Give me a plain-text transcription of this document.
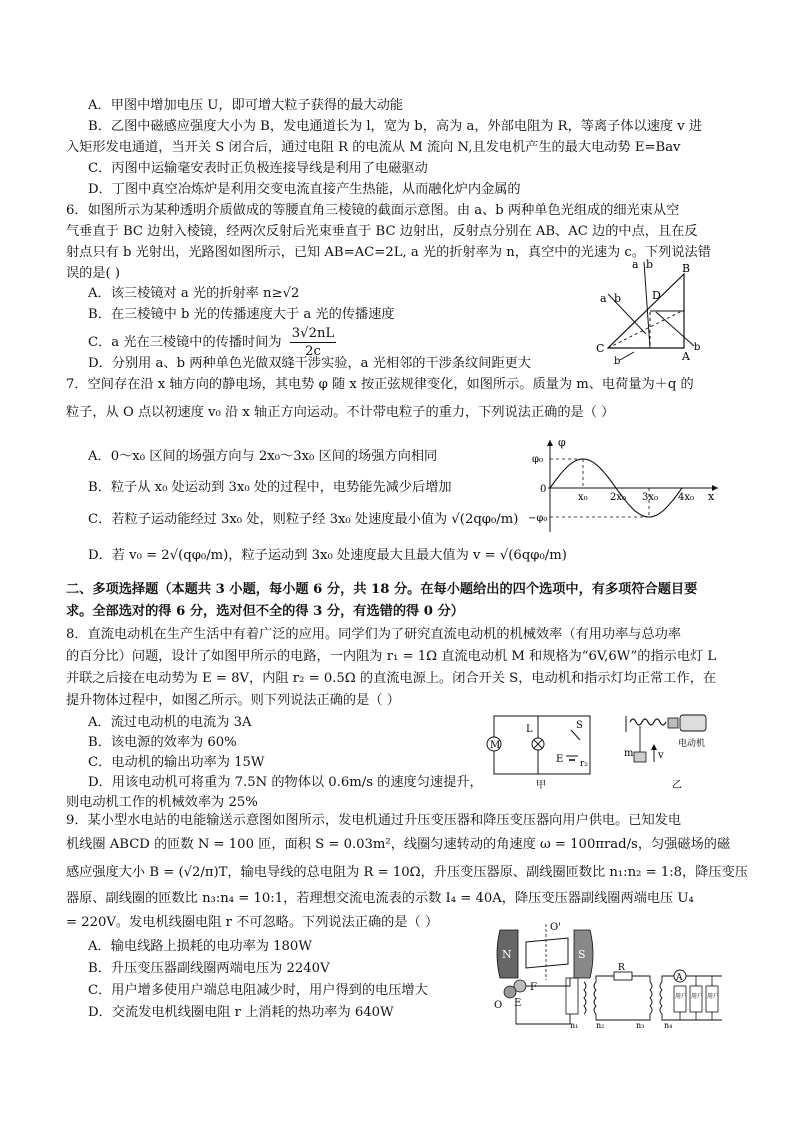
A．甲图中增加电压 U，即可增大粒子获得的最大动能
B．乙图中磁感应强度大小为 B，发电通道长为 l，宽为 b，高为 a，外部电阻为 R，等离子体以速度 v 进
入矩形发电通道，当开关 S 闭合后，通过电阻 R 的电流从 M 流向 N,且发电机产生的最大电动势 E=Bav
C．丙图中运输毫安表时正负极连接导线是利用了电磁驱动
D．丁图中真空冶炼炉是利用交变电流直接产生热能，从而融化炉内金属的
6．如图所示为某种透明介质做成的等腰直角三棱镜的截面示意图。由 a、b 两种单色光组成的细光束从空
气垂直于 BC 边射入棱镜，经两次反射后光束垂直于 BC 边射出，反射点分别在 AB、AC 边的中点，且在反
射点只有 b 光射出，光路图如图所示，已知 AB=AC=2L, a 光的折射率为 n，真空中的光速为 c。下列说法错
误的是( )
A．该三棱镜对 a 光的折射率 n≥√2
B．在三棱镜中 b 光的传播速度大于 a 光的传播速度
C．a 光在三棱镜中的传播时间为 $\frac{3√2nL}{2c}$
D．分别用 a、b 两种单色光做双缝干涉实验，a 光相邻的干涉条纹间距更大
a b	B
a b	D
C
A
b
b
7．空间存在沿 x 轴方向的静电场，其电势 φ 随 x 按正弦规律变化，如图所示。质量为 m、电荷量为＋q 的
粒子，从 O 点以初速度 v₀ 沿 x 轴正方向运动。不计带电粒子的重力，下列说法正确的是（ ）
A．0～x₀ 区间的场强方向与 2x₀～3x₀ 区间的场强方向相同
B．粒子从 x₀ 处运动到 3x₀ 处的过程中，电势能先减少后增加
C．若粒子运动能经过 3x₀ 处，则粒子经 3x₀ 处速度最小值为 √(2qφ₀/m)
D．若 v₀ = 2√(qφ₀/m)，粒子运动到 3x₀ 处速度最大且最大值为 v = √(6qφ₀/m)
φ
φ₀
−φ₀
0
x₀ 2x₀ 3x₀ 4x₀ x
二、多项选择题（本题共 3 小题，每小题 6 分，共 18 分。在每小题给出的四个选项中，有多项符合题目要
求。全部选对的得 6 分，选对但不全的得 3 分，有选错的得 0 分）
8．直流电动机在生产生活中有着广泛的应用。同学们为了研究直流电动机的机械效率（有用功率与总功率
的百分比）问题，设计了如图甲所示的电路，一内阻为 r₁ = 1Ω 直流电动机 M 和规格为“6V,6W”的指示电灯 L
并联之后接在电动势为 E = 8V，内阻 r₂ = 0.5Ω 的直流电源上。闭合开关 S，电动机和指示灯均正常工作，在
提升物体过程中，如图乙所示。则下列说法正确的是（ ）
A．流过电动机的电流为 3A
B．该电源的效率为 60%
C．电动机的输出功率为 15W
D．用该电动机可将重为 7.5N 的物体以 0.6m/s 的速度匀速提升，
则电动机工作的机械效率为 25%
M
L	S
E r₂
甲
m v
电动机
乙
9．某小型水电站的电能输送示意图如图所示，发电机通过升压变压器和降压变压器向用户供电。已知发电
机线圈 ABCD 的匝数 N = 100 匝，面积 S = 0.03m²，线圈匀速转动的角速度 ω = 100πrad/s，匀强磁场的磁
感应强度大小 B = (√2/π)T，输电导线的总电阻为 R = 10Ω，升压变压器原、副线圈匝数比 n₁:n₂ = 1:8，降压变压
器原、副线圈的匝数比 n₃:n₄ = 10:1，若理想交流电流表的示数 I₄ = 40A，降压变压器副线圈两端电压 U₄
= 220V。发电机线圈电阻 r 不可忽略。下列说法正确的是（ ）
A．输电线路上损耗的电功率为 180W
B．升压变压器副线圈两端电压为 2240V
C．用户增多使用户端总电阻减少时，用户得到的电压增大
D．交流发电机线圈电阻 r 上消耗的热功率为 640W
N	S
O'
F
E
O
n₁ n₂
R
n₃ n₄
A
用户 用户 用户
